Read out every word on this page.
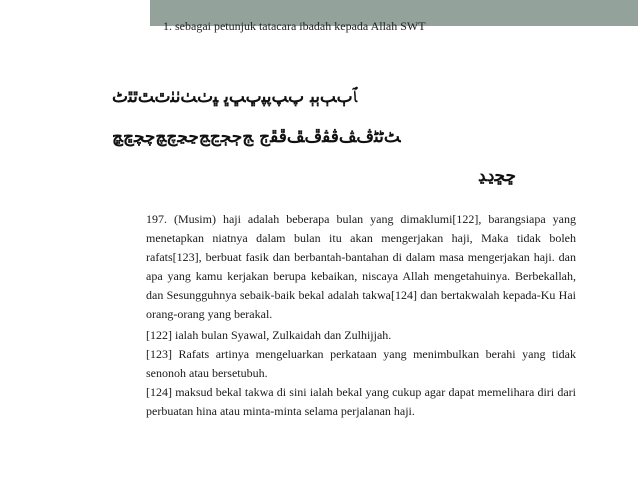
1. sebagai petunjuk tatacara ibadah kepada Allah SWT
ﭑﭒﭓﭔﭕ ﭖﭗﭘﭙﭚﭛﭜ ﭝﭞﭟﭠﭡﭢﭣﭤﭥﭦ
ﭧﭨﭩﭪﭫﭬﭭﭮﭯﭰﭱﭲ ﭳﭴﭵﭶﭷﭸﭹﭺﭻﭼﭽﭾﭿ
ﮀﮁﮂﮃ
197. (Musim) haji adalah beberapa bulan yang dimaklumi[122], barangsiapa yang menetapkan niatnya dalam bulan itu akan mengerjakan haji, Maka tidak boleh rafats[123], berbuat fasik dan berbantah-bantahan di dalam masa mengerjakan haji. dan apa yang kamu kerjakan berupa kebaikan, niscaya Allah mengetahuinya. Berbekallah, dan Sesungguhnya sebaik-baik bekal adalah takwa[124] dan bertakwalah kepada-Ku Hai orang-orang yang berakal.

[122] ialah bulan Syawal, Zulkaidah dan Zulhijjah.

[123] Rafats artinya mengeluarkan perkataan yang menimbulkan berahi yang tidak senonoh atau bersetubuh.

[124] maksud bekal takwa di sini ialah bekal yang cukup agar dapat memelihara diri dari perbuatan hina atau minta-minta selama perjalanan haji.
